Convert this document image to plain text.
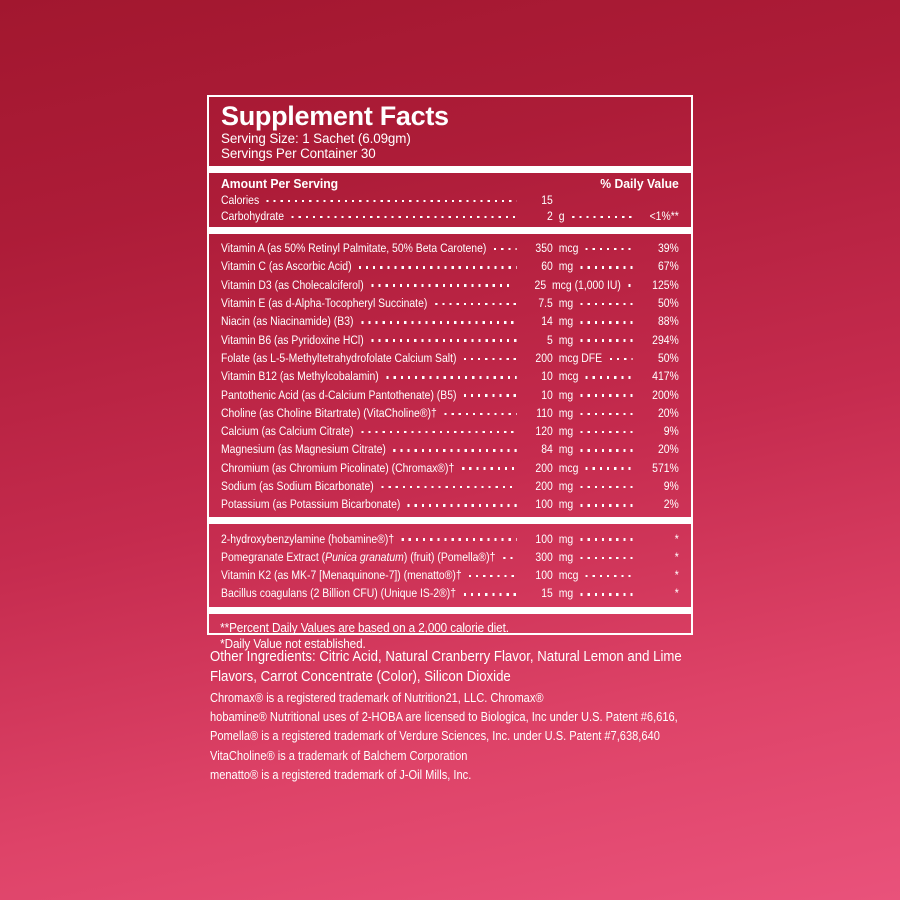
Supplement Facts
Serving Size: 1 Sachet (6.09gm)
Servings Per Container 30
Amount Per Serving	% Daily Value
Calories	15
Carbohydrate	2 g	<1%**
Vitamin A (as 50% Retinyl Palmitate, 50% Beta Carotene)	350 mcg	39%
Vitamin C (as Ascorbic Acid)	60 mg	67%
Vitamin D3 (as Cholecalciferol)	25 mcg (1,000 IU)	125%
Vitamin E (as d-Alpha-Tocopheryl Succinate)	7.5 mg	50%
Niacin (as Niacinamide) (B3)	14 mg	88%
Vitamin B6 (as Pyridoxine HCl)	5 mg	294%
Folate (as L-5-Methyltetrahydrofolate Calcium Salt)	200 mcg DFE	50%
Vitamin B12 (as Methylcobalamin)	10 mcg	417%
Pantothenic Acid (as d-Calcium Pantothenate) (B5)	10 mg	200%
Choline (as Choline Bitartrate) (VitaCholine®)†	110 mg	20%
Calcium (as Calcium Citrate)	120 mg	9%
Magnesium (as Magnesium Citrate)	84 mg	20%
Chromium (as Chromium Picolinate) (Chromax®)†	200 mcg	571%
Sodium (as Sodium Bicarbonate)	200 mg	9%
Potassium (as Potassium Bicarbonate)	100 mg	2%
2-hydroxybenzylamine (hobamine®)†	100 mg	*
Pomegranate Extract (Punica granatum) (fruit) (Pomella®)†	300 mg	*
Vitamin K2 (as MK-7 [Menaquinone-7]) (menatto®)†	100 mcg	*
Bacillus coagulans (2 Billion CFU) (Unique IS-2®)†	15 mg	*
**Percent Daily Values are based on a 2,000 calorie diet.
*Daily Value not established.
Other Ingredients: Citric Acid, Natural Cranberry Flavor, Natural Lemon and Lime Flavors, Carrot Concentrate (Color), Silicon Dioxide
Chromax® is a registered trademark of Nutrition21, LLC. Chromax®
hobamine® Nutritional uses of 2-HOBA are licensed to Biologica, Inc under U.S. Patent #6,616,
Pomella® is a registered trademark of Verdure Sciences, Inc. under U.S. Patent #7,638,640
VitaCholine® is a trademark of Balchem Corporation
menatto® is a registered trademark of J-Oil Mills, Inc.
